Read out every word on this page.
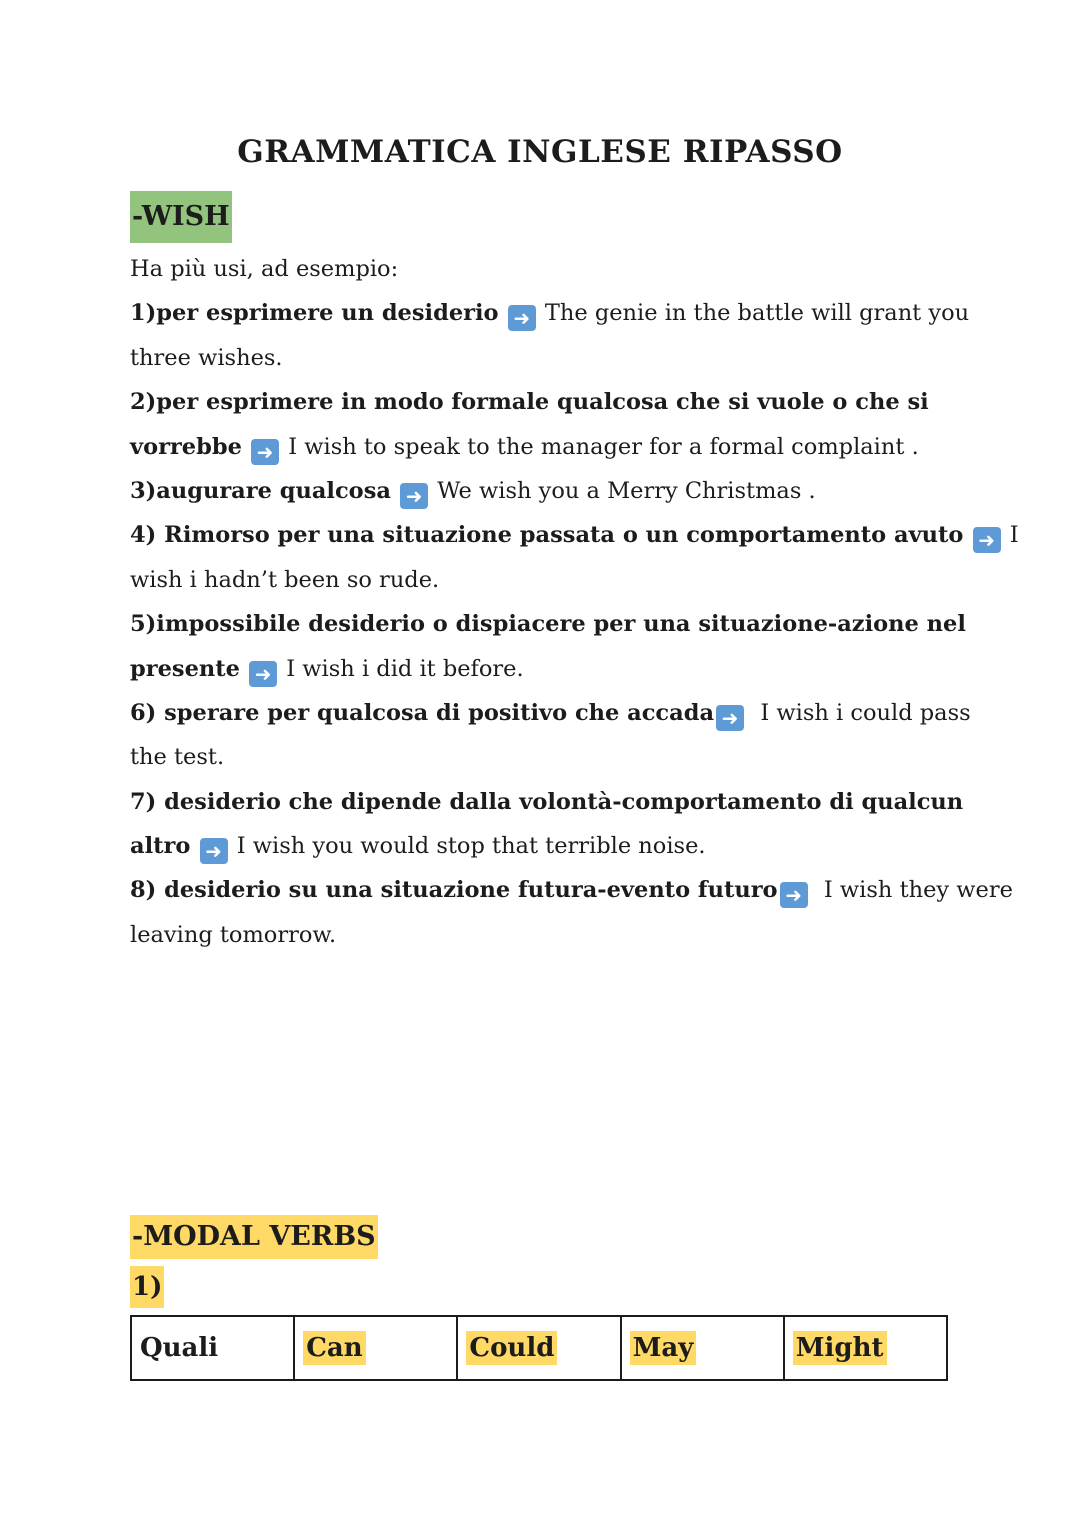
GRAMMATICA INGLESE RIPASSO
-WISH
Ha più usi, ad esempio:
1)per esprimere un desiderio ➜ The genie in the battle will grant you
three wishes.
2)per esprimere in modo formale qualcosa che si vuole o che si
vorrebbe ➜ I wish to speak to the manager for a formal complaint .
3)augurare qualcosa ➜ We wish you a Merry Christmas .
4) Rimorso per una situazione passata o un comportamento avuto ➜ I
wish i hadn’t been so rude.
5)impossibile desiderio o dispiacere per una situazione-azione nel
presente ➜ I wish i did it before.
6) sperare per qualcosa di positivo che accada ➜  I wish i could pass
the test.
7) desiderio che dipende dalla volontà-comportamento di qualcun
altro ➜ I wish you would stop that terrible noise.
8) desiderio su una situazione futura-evento futuro ➜  I wish they were
leaving tomorrow.
-MODAL VERBS
1)
Quali	Can	Could	May	Might
